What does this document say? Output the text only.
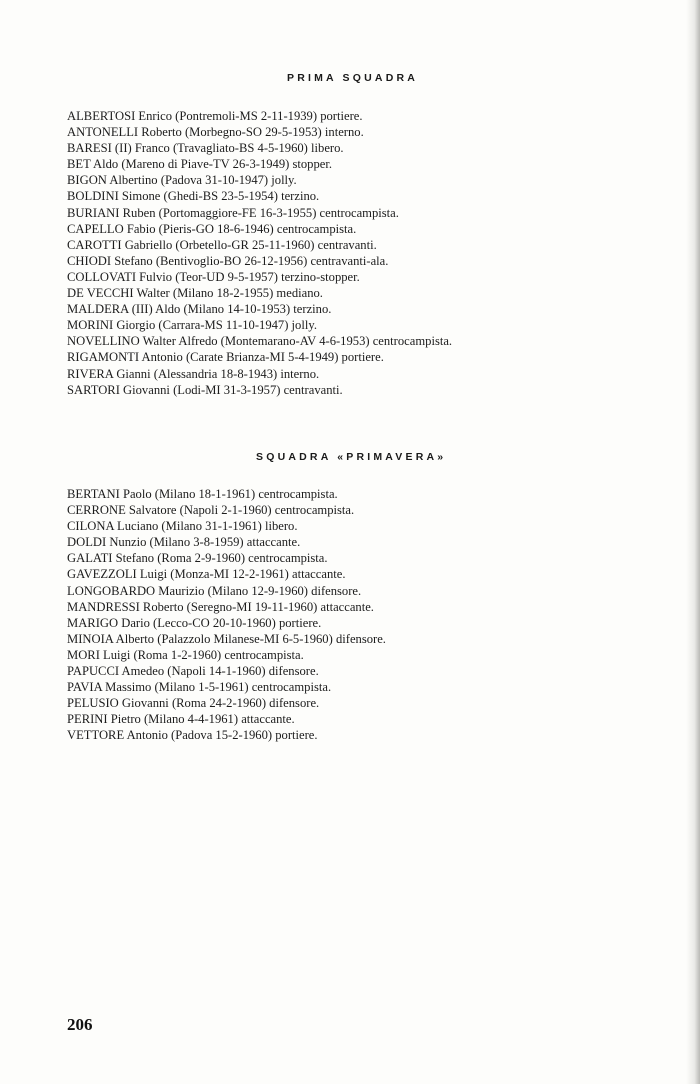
PRIMA SQUADRA
ALBERTOSI Enrico (Pontremoli-MS 2-11-1939) portiere.
ANTONELLI Roberto (Morbegno-SO 29-5-1953) interno.
BARESI (II) Franco (Travagliato-BS 4-5-1960) libero.
BET Aldo (Mareno di Piave-TV 26-3-1949) stopper.
BIGON Albertino (Padova 31-10-1947) jolly.
BOLDINI Simone (Ghedi-BS 23-5-1954) terzino.
BURIANI Ruben (Portomaggiore-FE 16-3-1955) centrocampista.
CAPELLO Fabio (Pieris-GO 18-6-1946) centrocampista.
CAROTTI Gabriello (Orbetello-GR 25-11-1960) centravanti.
CHIODI Stefano (Bentivoglio-BO 26-12-1956) centravanti-ala.
COLLOVATI Fulvio (Teor-UD 9-5-1957) terzino-stopper.
DE VECCHI Walter (Milano 18-2-1955) mediano.
MALDERA (III) Aldo (Milano 14-10-1953) terzino.
MORINI Giorgio (Carrara-MS 11-10-1947) jolly.
NOVELLINO Walter Alfredo (Montemarano-AV 4-6-1953) centrocampista.
RIGAMONTI Antonio (Carate Brianza-MI 5-4-1949) portiere.
RIVERA Gianni (Alessandria 18-8-1943) interno.
SARTORI Giovanni (Lodi-MI 31-3-1957) centravanti.
SQUADRA «PRIMAVERA»
BERTANI Paolo (Milano 18-1-1961) centrocampista.
CERRONE Salvatore (Napoli 2-1-1960) centrocampista.
CILONA Luciano (Milano 31-1-1961) libero.
DOLDI Nunzio (Milano 3-8-1959) attaccante.
GALATI Stefano (Roma 2-9-1960) centrocampista.
GAVEZZOLI Luigi (Monza-MI 12-2-1961) attaccante.
LONGOBARDO Maurizio (Milano 12-9-1960) difensore.
MANDRESSI Roberto (Seregno-MI 19-11-1960) attaccante.
MARIGO Dario (Lecco-CO 20-10-1960) portiere.
MINOIA Alberto (Palazzolo Milanese-MI 6-5-1960) difensore.
MORI Luigi (Roma 1-2-1960) centrocampista.
PAPUCCI Amedeo (Napoli 14-1-1960) difensore.
PAVIA Massimo (Milano 1-5-1961) centrocampista.
PELUSIO Giovanni (Roma 24-2-1960) difensore.
PERINI Pietro (Milano 4-4-1961) attaccante.
VETTORE Antonio (Padova 15-2-1960) portiere.
206
